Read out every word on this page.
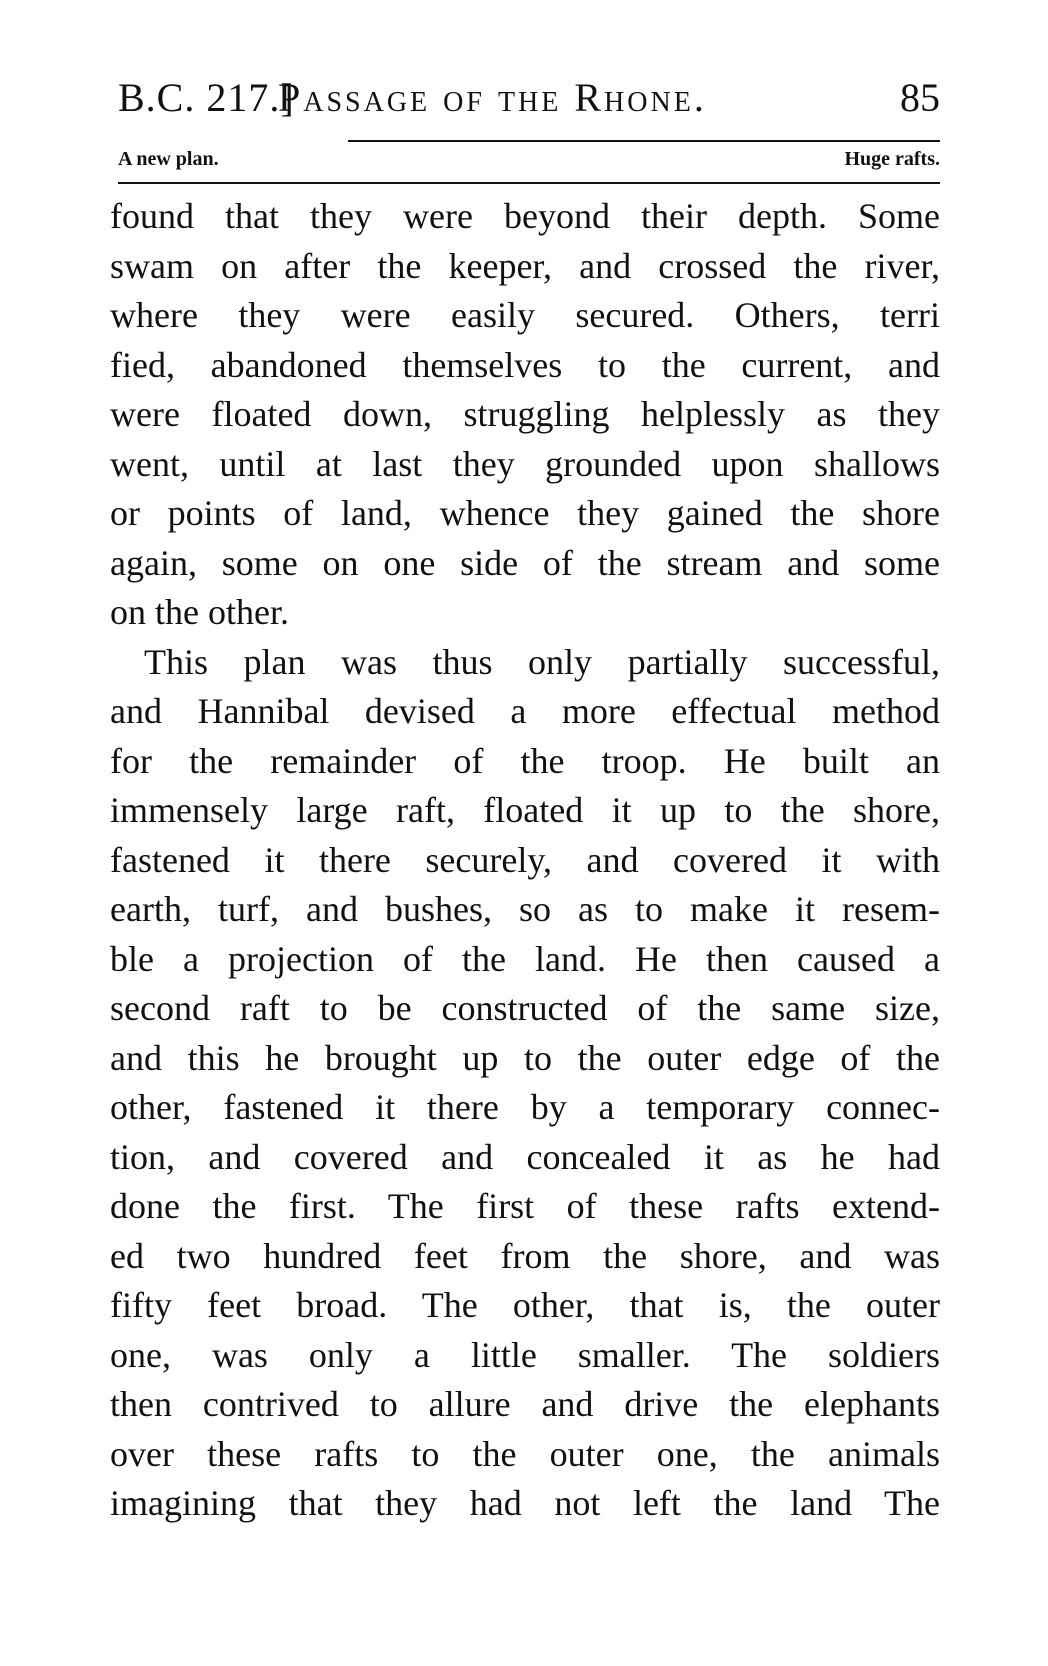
B.C. 217.]
Passage of the Rhone.	85
A new plan.	Huge rafts.
found that they were beyond their depth. Some
swam on after the keeper, and crossed the river,
where they were easily secured. Others, terri
fied, abandoned themselves to the current, and
were floated down, struggling helplessly as they
went, until at last they grounded upon shallows
or points of land, whence they gained the shore
again, some on one side of the stream and some
on the other.
This plan was thus only partially successful,
and Hannibal devised a more effectual method
for the remainder of the troop. He built an
immensely large raft, floated it up to the shore,
fastened it there securely, and covered it with
earth, turf, and bushes, so as to make it resem-
ble a projection of the land. He then caused a
second raft to be constructed of the same size,
and this he brought up to the outer edge of the
other, fastened it there by a temporary connec-
tion, and covered and concealed it as he had
done the first. The first of these rafts extend-
ed two hundred feet from the shore, and was
fifty feet broad. The other, that is, the outer
one, was only a little smaller. The soldiers
then contrived to allure and drive the elephants
over these rafts to the outer one, the animals
imagining that they had not left the land The
